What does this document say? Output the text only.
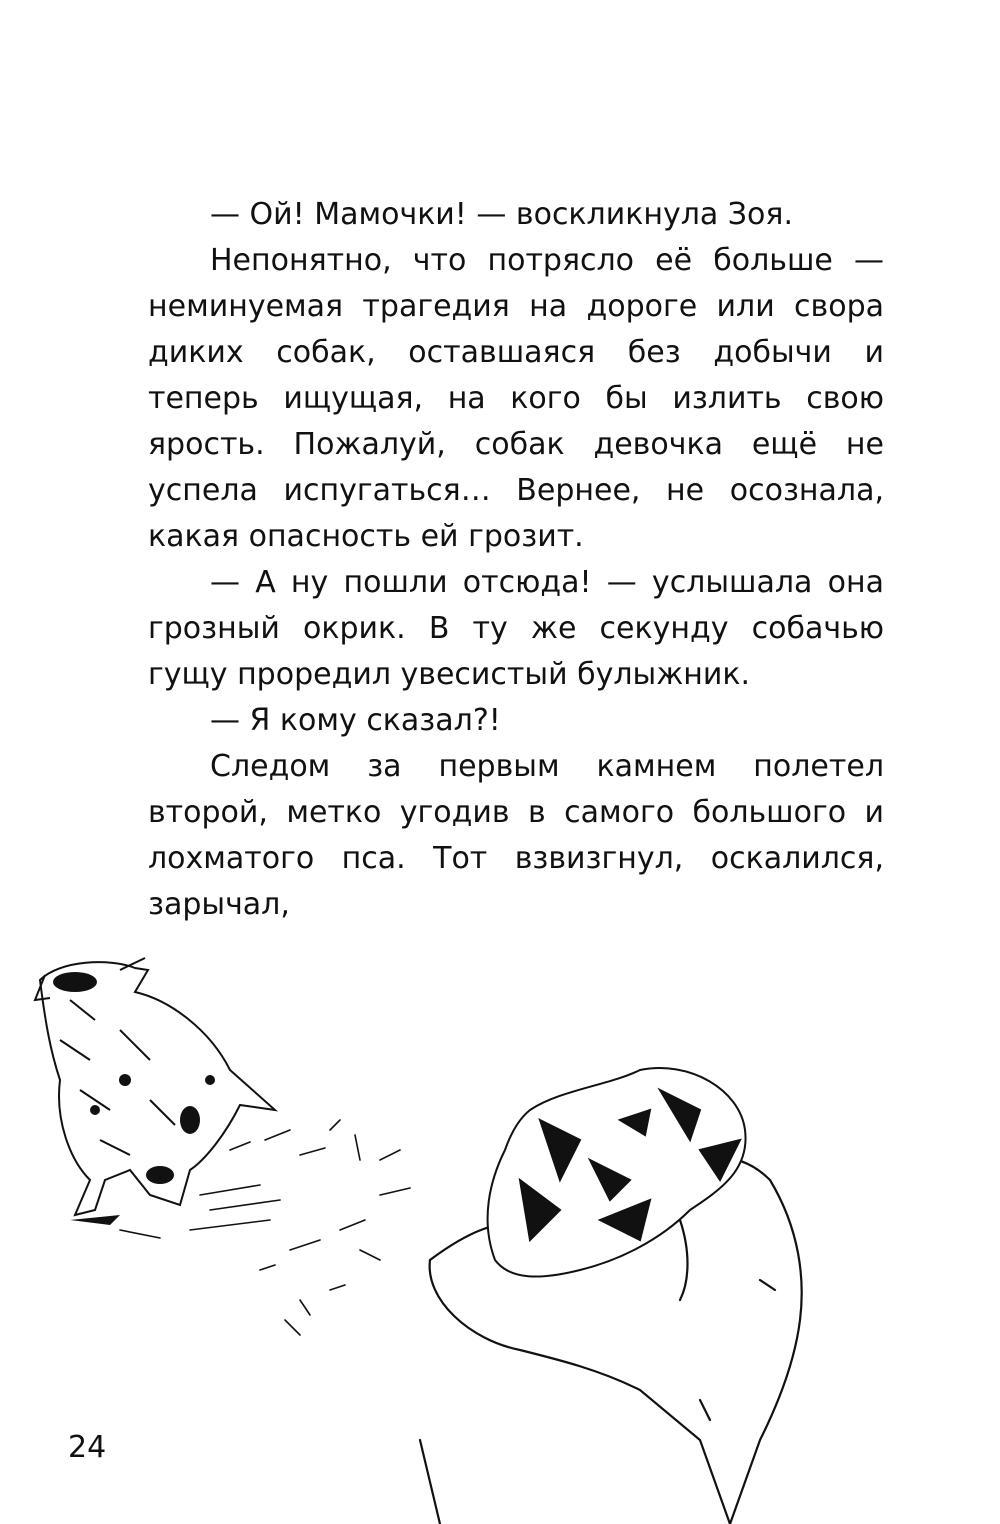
— Ой! Мамочки! — воскликнула Зоя.

Непонятно, что потрясло её больше — неминуемая трагедия на дороге или свора диких собак, оставшаяся без добычи и теперь ищущая, на кого бы излить свою ярость. Пожалуй, собак девочка ещё не успела испугаться… Вернее, не осознала, какая опасность ей грозит.

— А ну пошли отсюда! — услышала она грозный окрик. В ту же секунду собачью гущу проредил увесистый булыжник.

— Я кому сказал?!

Следом за первым камнем полетел второй, метко угодив в самого большого и лохматого пса. Тот взвизгнул, оскалился, зарычал,

24
